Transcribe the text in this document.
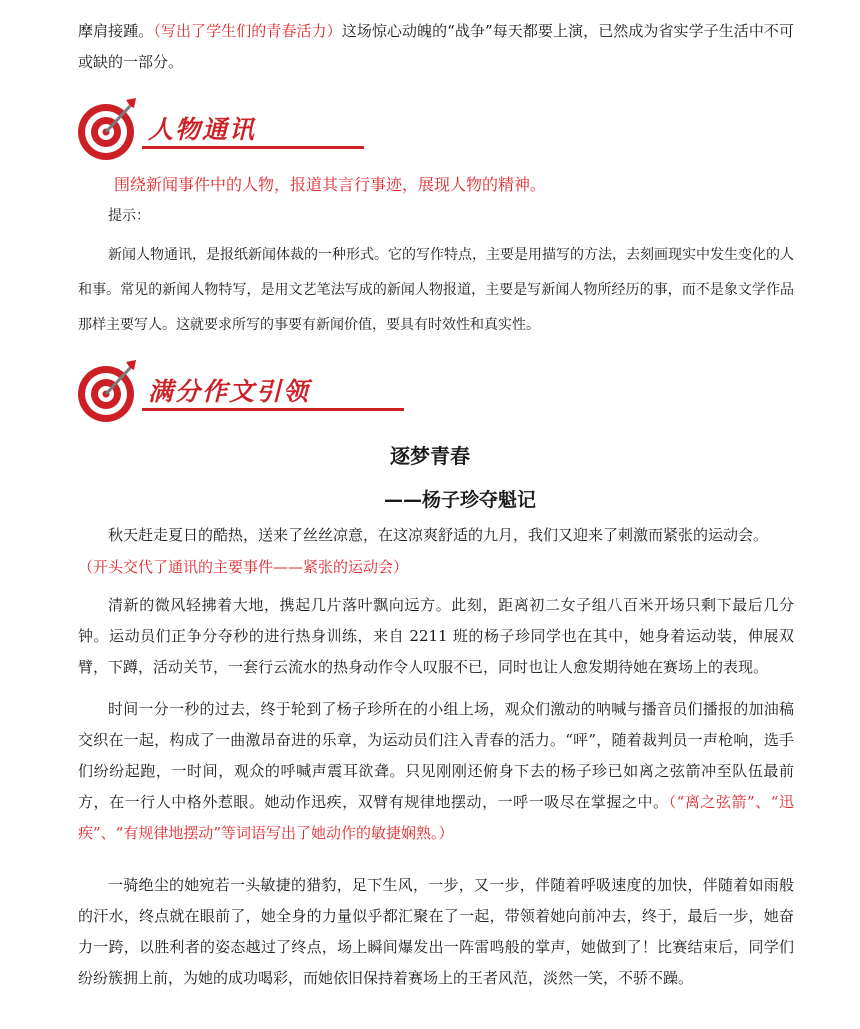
摩肩接踵。（写出了学生们的青春活力）这场惊心动魄的“战争”每天都要上演，已然成为省实学子生活中不可或缺的一部分。

人物通讯
围绕新闻事件中的人物，报道其言行事迹，展现人物的精神。
提示：

新闻人物通讯，是报纸新闻体裁的一种形式。它的写作特点，主要是用描写的方法，去刻画现实中发生变化的人和事。常见的新闻人物特写，是用文艺笔法写成的新闻人物报道，主要是写新闻人物所经历的事，而不是象文学作品那样主要写人。这就要求所写的事要有新闻价值，要具有时效性和真实性。

满分作文引领
逐梦青春
——杨子珍夺魁记

秋天赶走夏日的酷热，送来了丝丝凉意，在这凉爽舒适的九月，我们又迎来了刺激而紧张的运动会。

（开头交代了通讯的主要事件——紧张的运动会）

清新的微风轻拂着大地，携起几片落叶飘向远方。此刻，距离初二女子组八百米开场只剩下最后几分钟。运动员们正争分夺秒的进行热身训练，来自 2211 班的杨子珍同学也在其中，她身着运动装，伸展双臂，下蹲，活动关节，一套行云流水的热身动作令人叹服不已，同时也让人愈发期待她在赛场上的表现。

时间一分一秒的过去，终于轮到了杨子珍所在的小组上场，观众们激动的呐喊与播音员们播报的加油稿交织在一起，构成了一曲激昂奋进的乐章，为运动员们注入青春的活力。“呯”，随着裁判员一声枪响，选手们纷纷起跑，一时间，观众的呼喊声震耳欲聋。只见刚刚还俯身下去的杨子珍已如离之弦箭冲至队伍最前方，在一行人中格外惹眼。她动作迅疾，双臂有规律地摆动，一呼一吸尽在掌握之中。（“离之弦箭”、“迅疾”、“有规律地摆动”等词语写出了她动作的敏捷娴熟。）

一骑绝尘的她宛若一头敏捷的猎豹，足下生风，一步，又一步，伴随着呼吸速度的加快，伴随着如雨般的汗水，终点就在眼前了，她全身的力量似乎都汇聚在了一起，带领着她向前冲去，终于，最后一步，她奋力一跨，以胜利者的姿态越过了终点，场上瞬间爆发出一阵雷鸣般的掌声，她做到了！比赛结束后，同学们纷纷簇拥上前，为她的成功喝彩，而她依旧保持着赛场上的王者风范，淡然一笑，不骄不躁。
